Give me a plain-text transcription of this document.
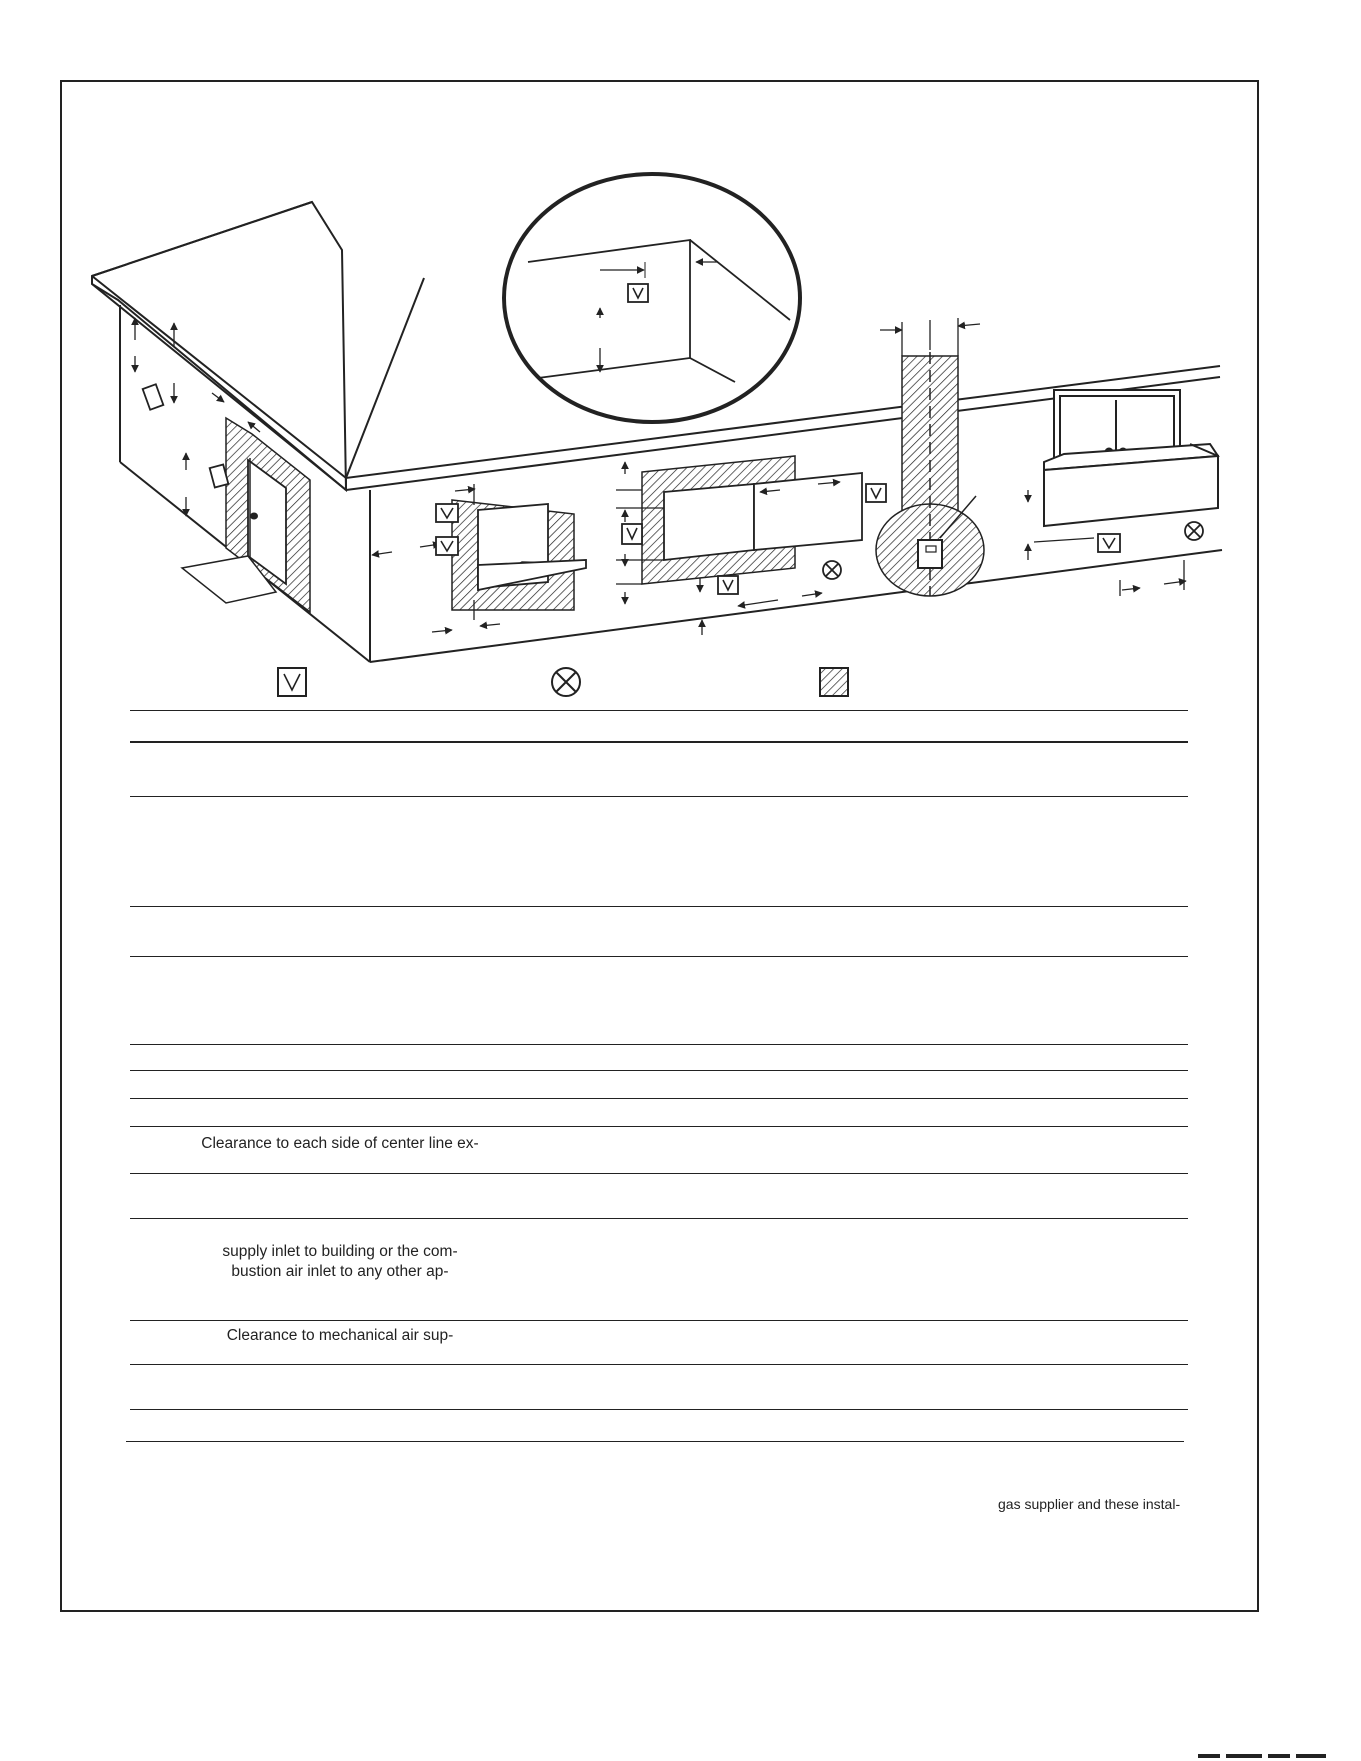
Clearance to each side of center line ex-
supply inlet to building or the com-
bustion air inlet to any other ap-
Clearance to mechanical air sup-
gas supplier and these instal-
